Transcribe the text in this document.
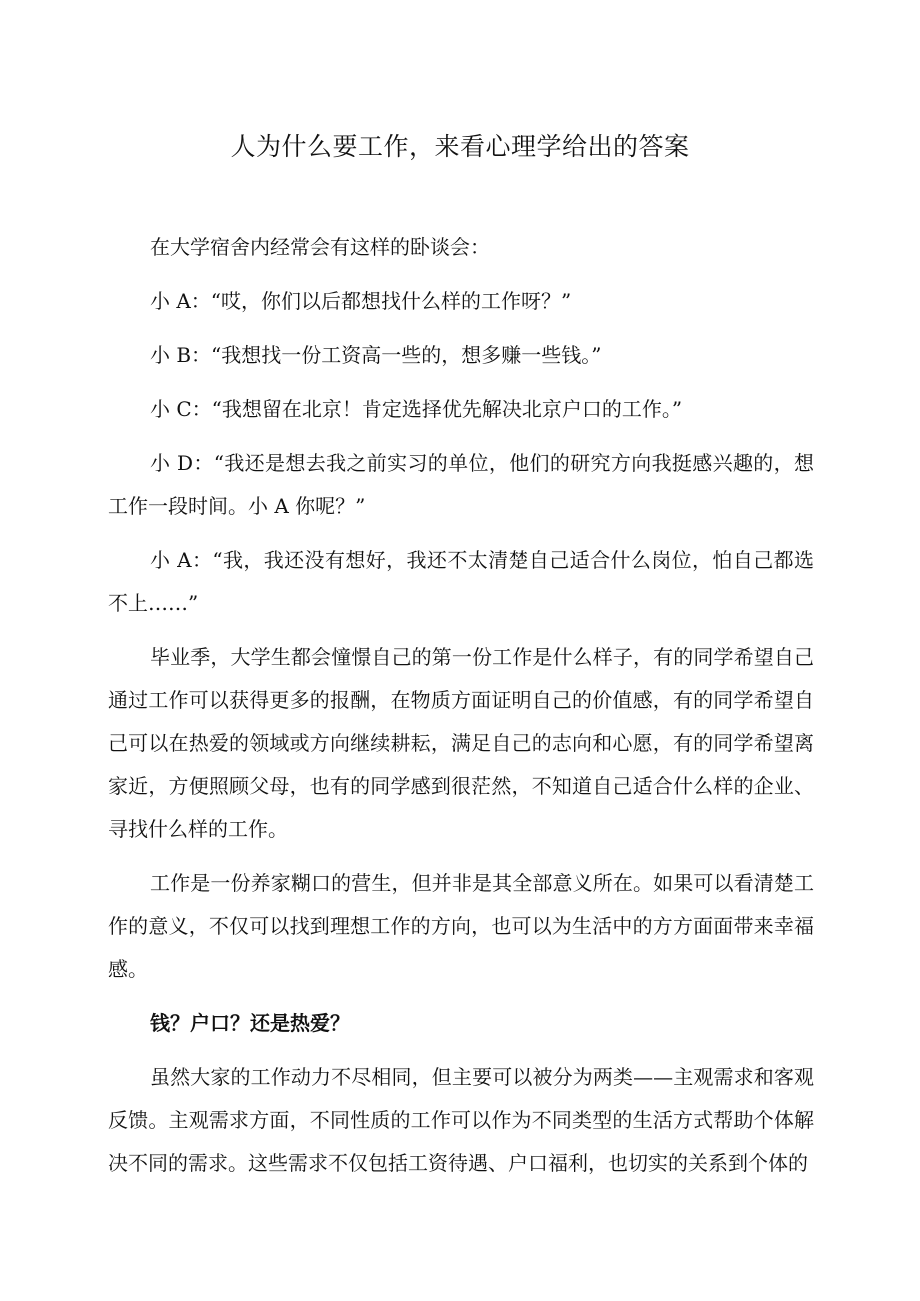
人为什么要工作，来看心理学给出的答案

在大学宿舍内经常会有这样的卧谈会：

小 A：“哎，你们以后都想找什么样的工作呀？”

小 B：“我想找一份工资高一些的，想多赚一些钱。”

小 C：“我想留在北京！肯定选择优先解决北京户口的工作。”

小 D：“我还是想去我之前实习的单位，他们的研究方向我挺感兴趣的，想工作一段时间。小 A 你呢？”

小 A：“我，我还没有想好，我还不太清楚自己适合什么岗位，怕自己都选不上……”

毕业季，大学生都会憧憬自己的第一份工作是什么样子，有的同学希望自己通过工作可以获得更多的报酬，在物质方面证明自己的价值感，有的同学希望自己可以在热爱的领域或方向继续耕耘，满足自己的志向和心愿，有的同学希望离家近，方便照顾父母，也有的同学感到很茫然，不知道自己适合什么样的企业、寻找什么样的工作。

工作是一份养家糊口的营生，但并非是其全部意义所在。如果可以看清楚工作的意义，不仅可以找到理想工作的方向，也可以为生活中的方方面面带来幸福感。

钱？户口？还是热爱？

虽然大家的工作动力不尽相同，但主要可以被分为两类——主观需求和客观反馈。主观需求方面，不同性质的工作可以作为不同类型的生活方式帮助个体解决不同的需求。这些需求不仅包括工资待遇、户口福利，也切实的关系到个体的
